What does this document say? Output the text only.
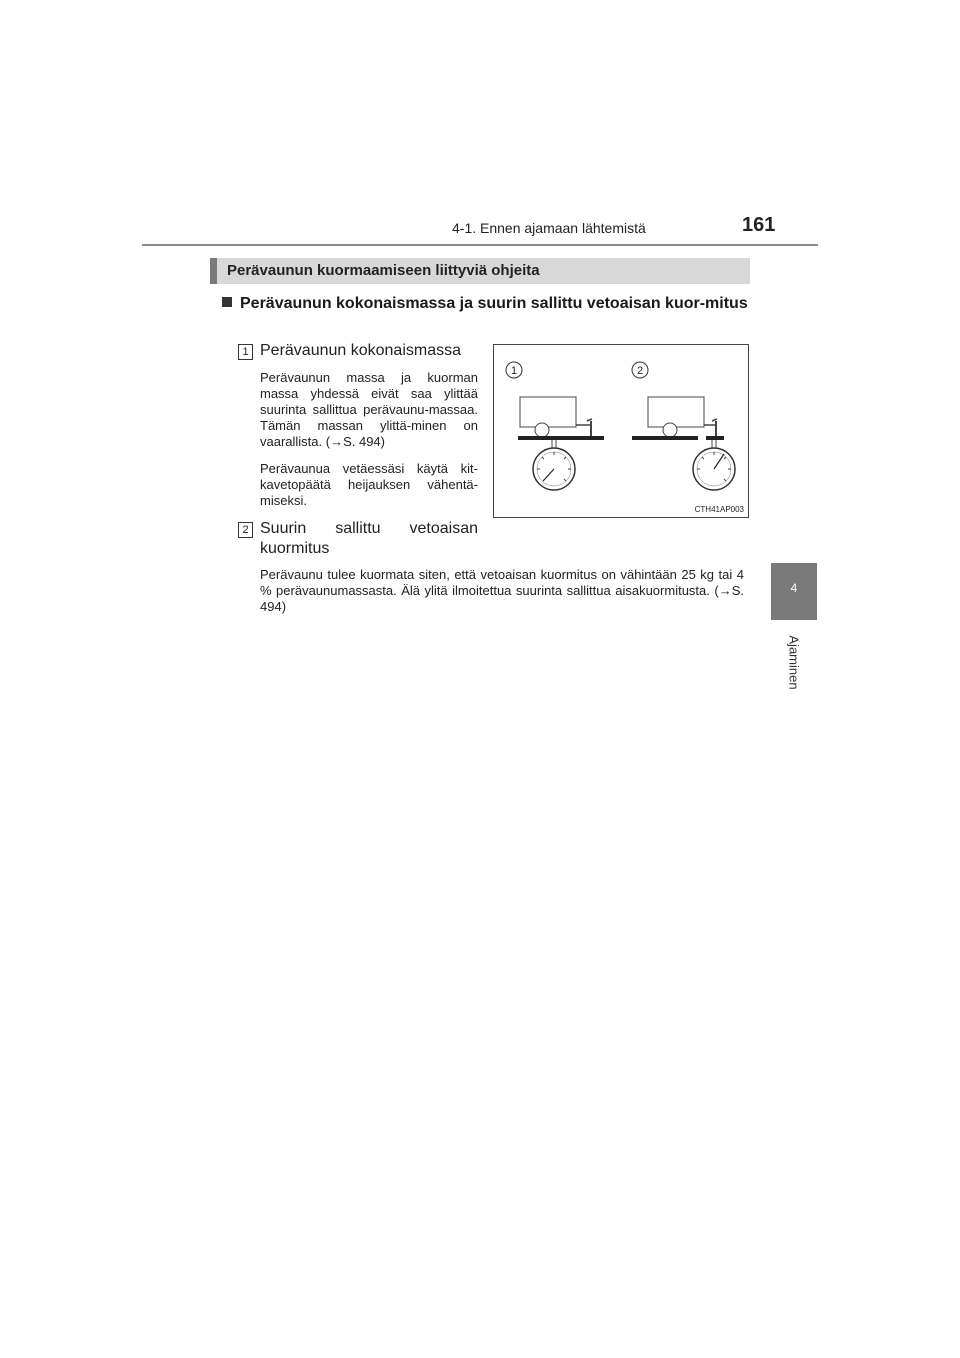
4-1. Ennen ajamaan lähtemistä	161
4
Ajaminen
Perävaunun kuormaamiseen liittyviä ohjeita
Perävaunun kokonaismassa ja suurin sallittu vetoaisan kuor-mitus
1 Perävaunun kokonaismassa
Perävaunun massa ja kuorman massa yhdessä eivät saa ylittää suurinta sallittua perävaunu-massaa. Tämän massan ylittä-minen on vaarallista. (→S. 494)
Perävaunua vetäessäsi käytä kit-kavetopäätä heijauksen vähentä-miseksi.
2 Suurin sallittu vetoaisan kuormitus
Perävaunu tulee kuormata siten, että vetoaisan kuormitus on vähintään 25 kg tai 4 % perävaunumassasta. Älä ylitä ilmoitettua suurinta sallittua aisakuormitusta. (→S. 494)
1	2
CTH41AP003
